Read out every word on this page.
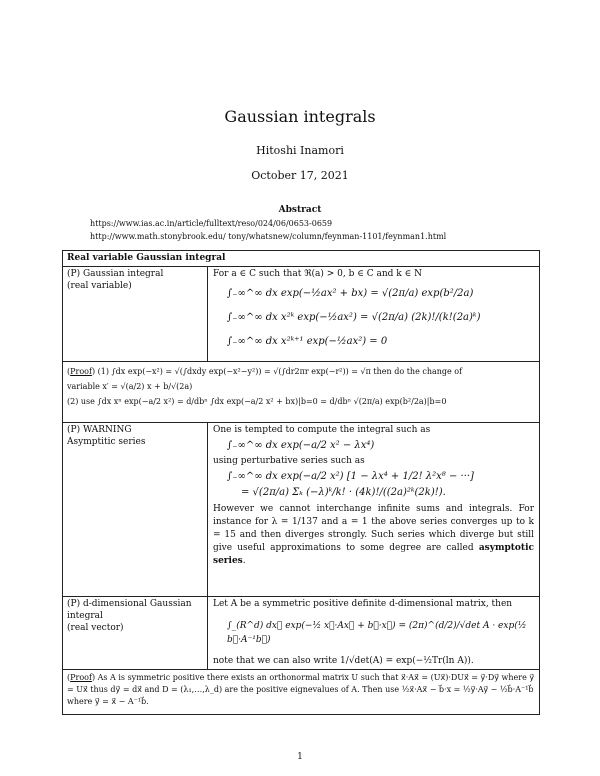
Gaussian integrals
Hitoshi Inamori
October 17, 2021
Abstract
https://www.ias.ac.in/article/fulltext/reso/024/06/0653-0659
http://www.math.stonybrook.edu/ tony/whatsnew/column/feynman-1101/feynman1.html
Real variable Gaussian integral
(P) Gaussian integral
(real variable)
For a ∈ C such that ℜ(a) > 0, b ∈ C and k ∈ N
∫₋∞^∞ dx exp(−½ax² + bx) = √(2π/a) exp(b²/2a)
∫₋∞^∞ dx x²ᵏ exp(−½ax²) = √(2π/a) (2k)!/(k!(2a)ᵏ)
∫₋∞^∞ dx x²ᵏ⁺¹ exp(−½ax²) = 0
(Proof) (1) ∫dx exp(−x²) = √(∫dxdy exp(−x²−y²)) = √(∫dr2πr exp(−r²)) = √π then do the change of
variable x′ = √(a/2) x + b/√(2a)
(2) use ∫dx xⁿ exp(−a/2 x²) = d/dbⁿ ∫dx exp(−a/2 x² + bx)|b=0 = d/dbⁿ √(2π/a) exp(b²/2a)|b=0
(P) WARNING
Asymptitic series
One is tempted to compute the integral such as
∫₋∞^∞ dx exp(−a/2 x² − λx⁴)
using perturbative series such as
∫₋∞^∞ dx exp(−a/2 x²) [1 − λx⁴ + 1/2! λ²x⁸ − ···]
= √(2π/a) Σₖ (−λ)ᵏ/k! · (4k)!/((2a)²ᵏ(2k)!).
However we cannot interchange infinite sums and integrals. For instance for λ = 1/137 and a = 1 the above series converges up to k = 15 and then diverges strongly. Such series which diverge but still give useful approximations to some degree are called asymptotic series.
(P) d-dimensional Gaussian integral
(real vector)
Let A be a symmetric positive definite d-dimensional matrix, then
∫_(R^d) dx⃗ exp(−½ x⃗·Ax⃗ + b⃗·x⃗) = (2π)^(d/2)/√det A · exp(½ b⃗·A⁻¹b⃗)
note that we can also write 1/√det(A) = exp(−½Tr(ln A)).
(Proof) As A is symmetric positive there exists an orthonormal matrix U such that x⃗·Ax⃗ = (Ux⃗)·DUx⃗ = y⃗·Dy⃗ where y⃗ = Ux⃗ thus dy⃗ = dx⃗ and D = (λ₁,…,λ_d) are the positive eignevalues of A. Then use ½x⃗·Ax⃗ − b⃗·x = ½y⃗·Ay⃗ − ½b⃗·A⁻¹b⃗ where y⃗ = x⃗ − A⁻¹b⃗.
1
